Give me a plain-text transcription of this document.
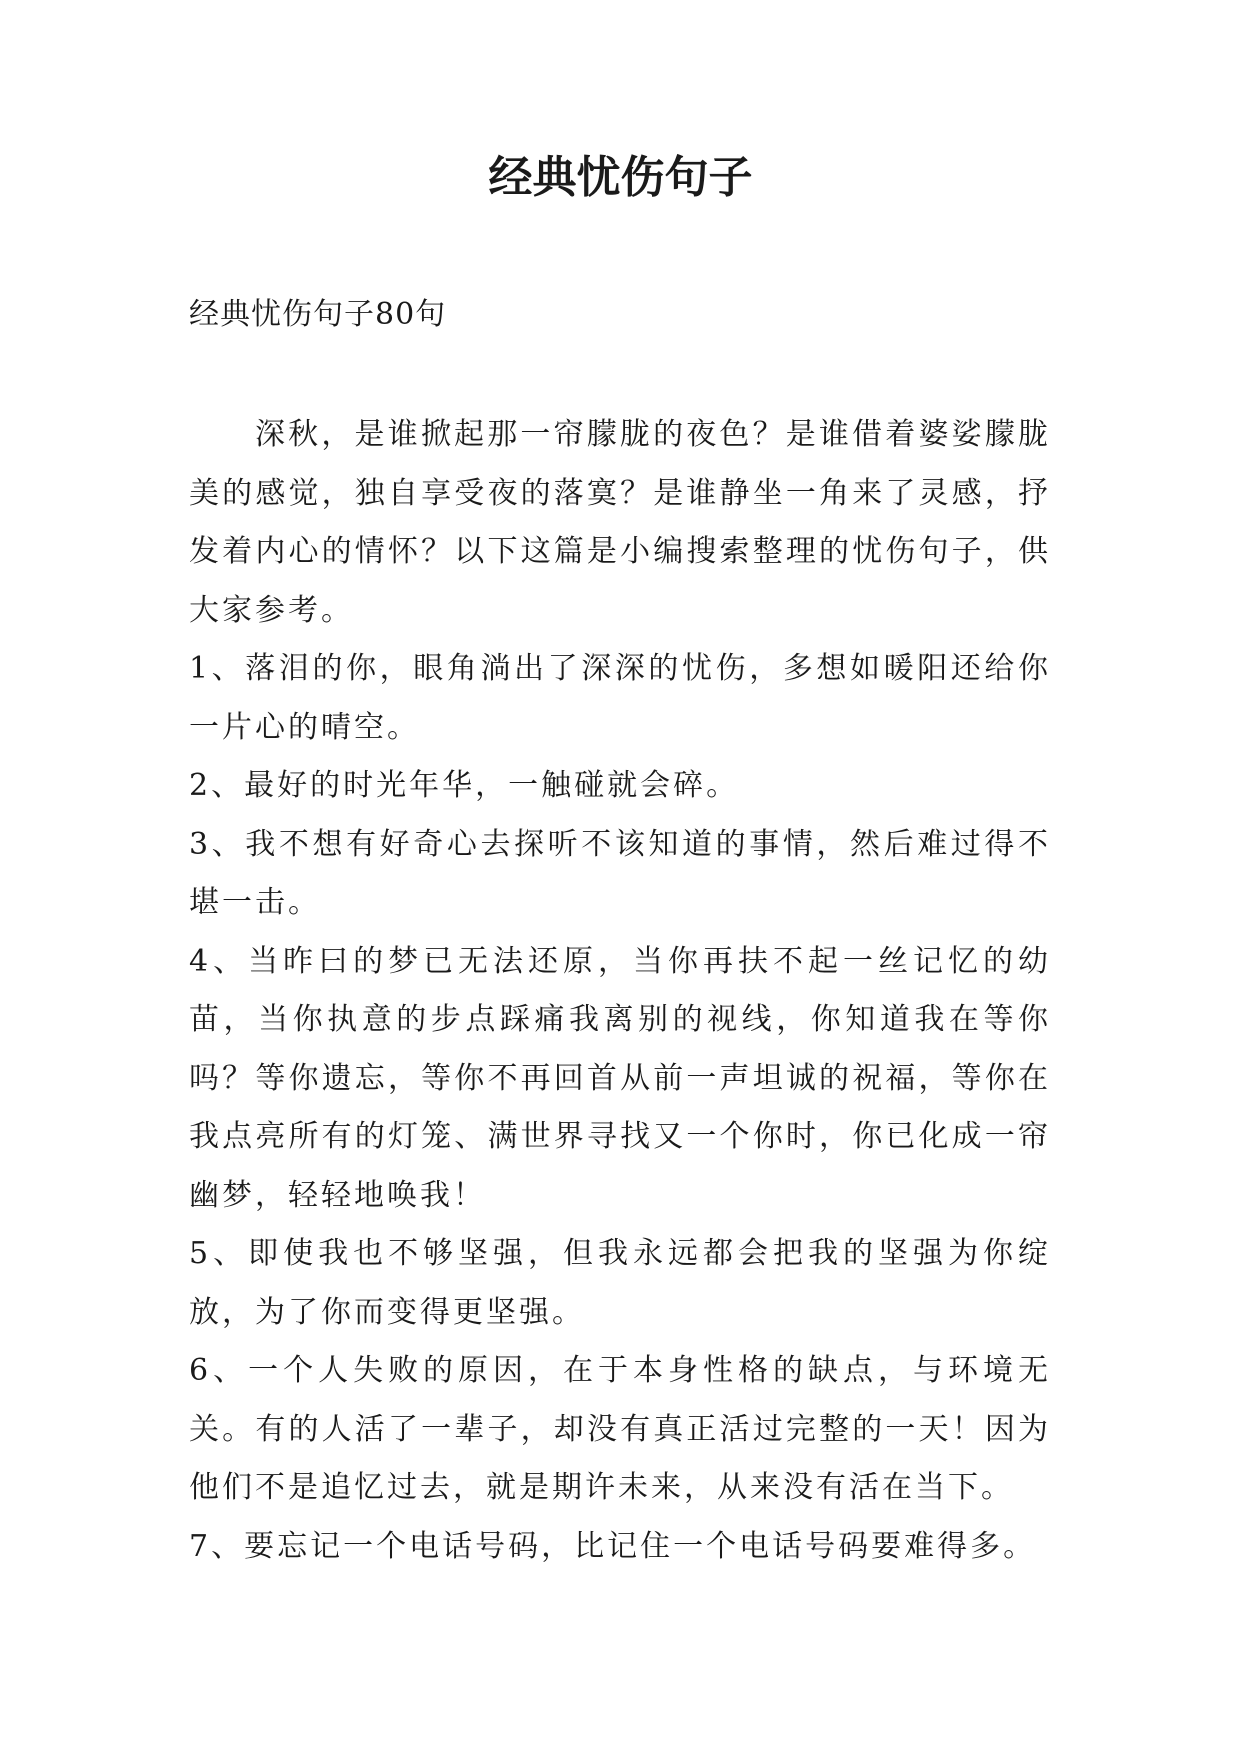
经典忧伤句子

经典忧伤句子80句

深秋，是谁掀起那一帘朦胧的夜色？是谁借着婆娑朦胧美的感觉，独自享受夜的落寞？是谁静坐一角来了灵感，抒发着内心的情怀？以下这篇是小编搜索整理的忧伤句子，供大家参考。

1、落泪的你，眼角淌出了深深的忧伤，多想如暖阳还给你一片心的晴空。

2、最好的时光年华，一触碰就会碎。

3、我不想有好奇心去探听不该知道的事情，然后难过得不堪一击。

4、当昨曰的梦已无法还原，当你再扶不起一丝记忆的幼苗，当你执意的步点踩痛我离别的视线，你知道我在等你吗？等你遗忘，等你不再回首从前一声坦诚的祝福，等你在我点亮所有的灯笼、满世界寻找又一个你时，你已化成一帘幽梦，轻轻地唤我！

5、即使我也不够坚强，但我永远都会把我的坚强为你绽放，为了你而变得更坚强。

6、一个人失败的原因，在于本身性格的缺点，与环境无关。有的人活了一辈子，却没有真正活过完整的一天！因为他们不是追忆过去，就是期许未来，从来没有活在当下。

7、要忘记一个电话号码，比记住一个电话号码要难得多。
